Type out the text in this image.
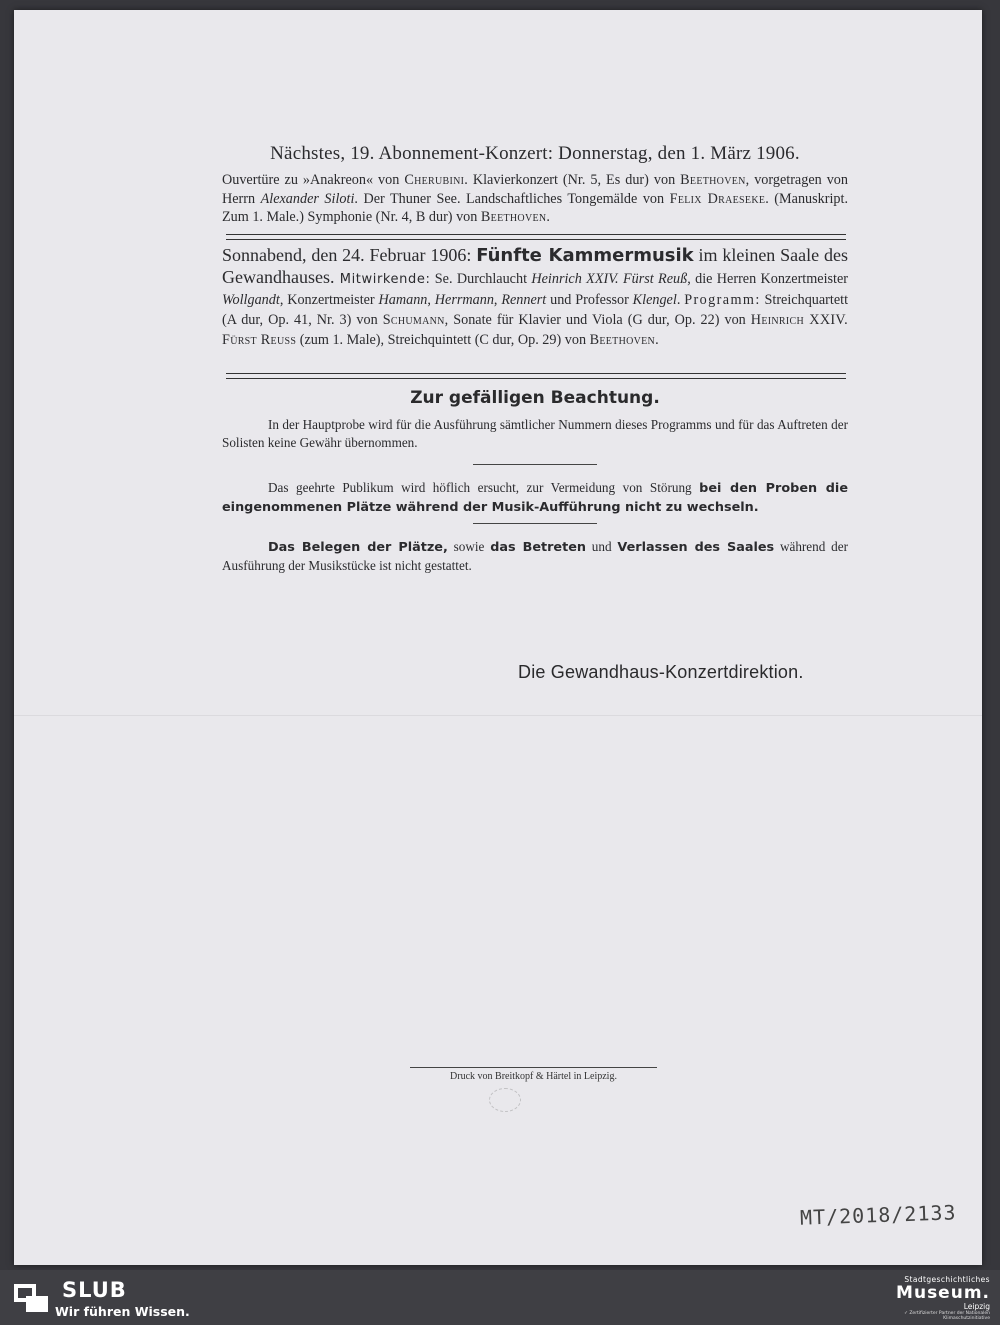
Nächstes, 19. Abonnement-Konzert: Donnerstag, den 1. März 1906.
Ouvertüre zu »Anakreon« von Cherubini. Klavierkonzert (Nr. 5, Es dur) von Beethoven, vorgetragen von Herrn Alexander Siloti. Der Thuner See. Landschaftliches Tongemälde von Felix Draeseke. (Manuskript. Zum 1. Male.) Symphonie (Nr. 4, B dur) von Beethoven.
Sonnabend, den 24. Februar 1906: Fünfte Kammermusik im kleinen Saale des Gewandhauses. Mitwirkende: Se. Durchlaucht Heinrich XXIV. Fürst Reuß, die Herren Konzertmeister Wollgandt, Konzertmeister Hamann, Herrmann, Rennert und Professor Klengel. Programm: Streichquartett (A dur, Op. 41, Nr. 3) von Schumann, Sonate für Klavier und Viola (G dur, Op. 22) von Heinrich XXIV. Fürst Reuss (zum 1. Male), Streichquintett (C dur, Op. 29) von Beethoven.
Zur gefälligen Beachtung.

In der Hauptprobe wird für die Ausführung sämtlicher Nummern dieses Programms und für das Auftreten der Solisten keine Gewähr übernommen.

Das geehrte Publikum wird höflich ersucht, zur Vermeidung von Störung bei den Proben die eingenommenen Plätze während der Musik-Aufführung nicht zu wechseln.

Das Belegen der Plätze, sowie das Betreten und Verlassen des Saales während der Ausführung der Musikstücke ist nicht gestattet.

Die Gewandhaus-Konzertdirektion.
Druck von Breitkopf & Härtel in Leipzig.
MT/2018/2133
SLUB
Wir führen Wissen.
Stadtgeschichtliches
Museum.
Leipzig
✓ Zertifizierter Partner der Nationalen Klimaschutzinitiative
